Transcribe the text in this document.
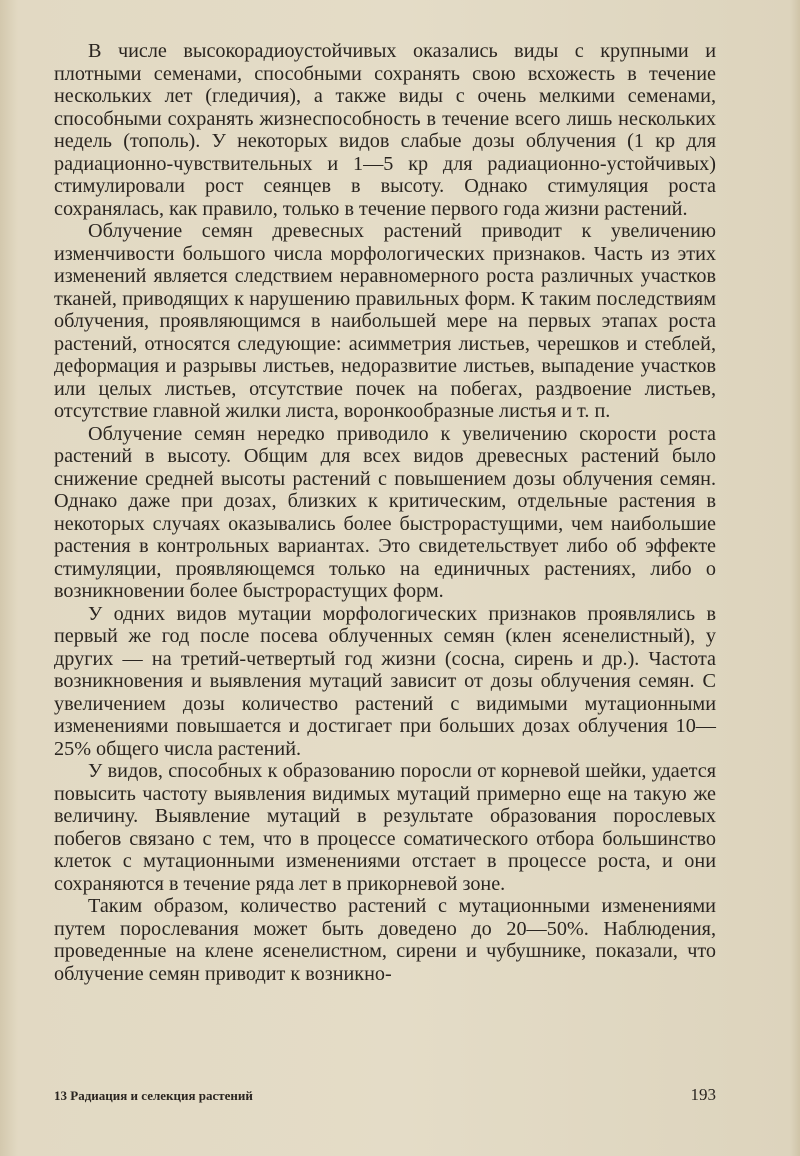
В числе высокорадиоустойчивых оказались виды с крупными и плотными семенами, способными сохранять свою всхожесть в течение нескольких лет (гледичия), а также виды с очень мелкими семенами, способными сохранять жизнеспособность в течение всего лишь нескольких недель (тополь). У некоторых видов слабые дозы облучения (1 кр для радиационно-чувствительных и 1—5 кр для радиационно-устойчивых) стимулировали рост сеянцев в высоту. Однако стимуляция роста сохранялась, как правило, только в течение первого года жизни растений.

Облучение семян древесных растений приводит к увеличению изменчивости большого числа морфологических признаков. Часть из этих изменений является следствием неравномерного роста различных участков тканей, приводящих к нарушению правильных форм. К таким последствиям облучения, проявляющимся в наибольшей мере на первых этапах роста растений, относятся следующие: асимметрия листьев, черешков и стеблей, деформация и разрывы листьев, недоразвитие листьев, выпадение участков или целых листьев, отсутствие почек на побегах, раздвоение листьев, отсутствие главной жилки листа, воронкообразные листья и т. п.

Облучение семян нередко приводило к увеличению скорости роста растений в высоту. Общим для всех видов древесных растений было снижение средней высоты растений с повышением дозы облучения семян. Однако даже при дозах, близких к критическим, отдельные растения в некоторых случаях оказывались более быстрорастущими, чем наибольшие растения в контрольных вариантах. Это свидетельствует либо об эффекте стимуляции, проявляющемся только на единичных растениях, либо о возникновении более быстрорастущих форм.

У одних видов мутации морфологических признаков проявлялись в первый же год после посева облученных семян (клен ясенелистный), у других — на третий-четвертый год жизни (сосна, сирень и др.). Частота возникновения и выявления мутаций зависит от дозы облучения семян. С увеличением дозы количество растений с видимыми мутационными изменениями повышается и достигает при больших дозах облучения 10—25% общего числа растений.

У видов, способных к образованию поросли от корневой шейки, удается повысить частоту выявления видимых мутаций примерно еще на такую же величину. Выявление мутаций в результате образования порослевых побегов связано с тем, что в процессе соматического отбора большинство клеток с мутационными изменениями отстает в процессе роста, и они сохраняются в течение ряда лет в прикорневой зоне.

Таким образом, количество растений с мутационными изменениями путем порослевания может быть доведено до 20—50%. Наблюдения, проведенные на клене ясенелистном, сирени и чубушнике, показали, что облучение семян приводит к возникно-

13 Радиация и селекция растений	193
